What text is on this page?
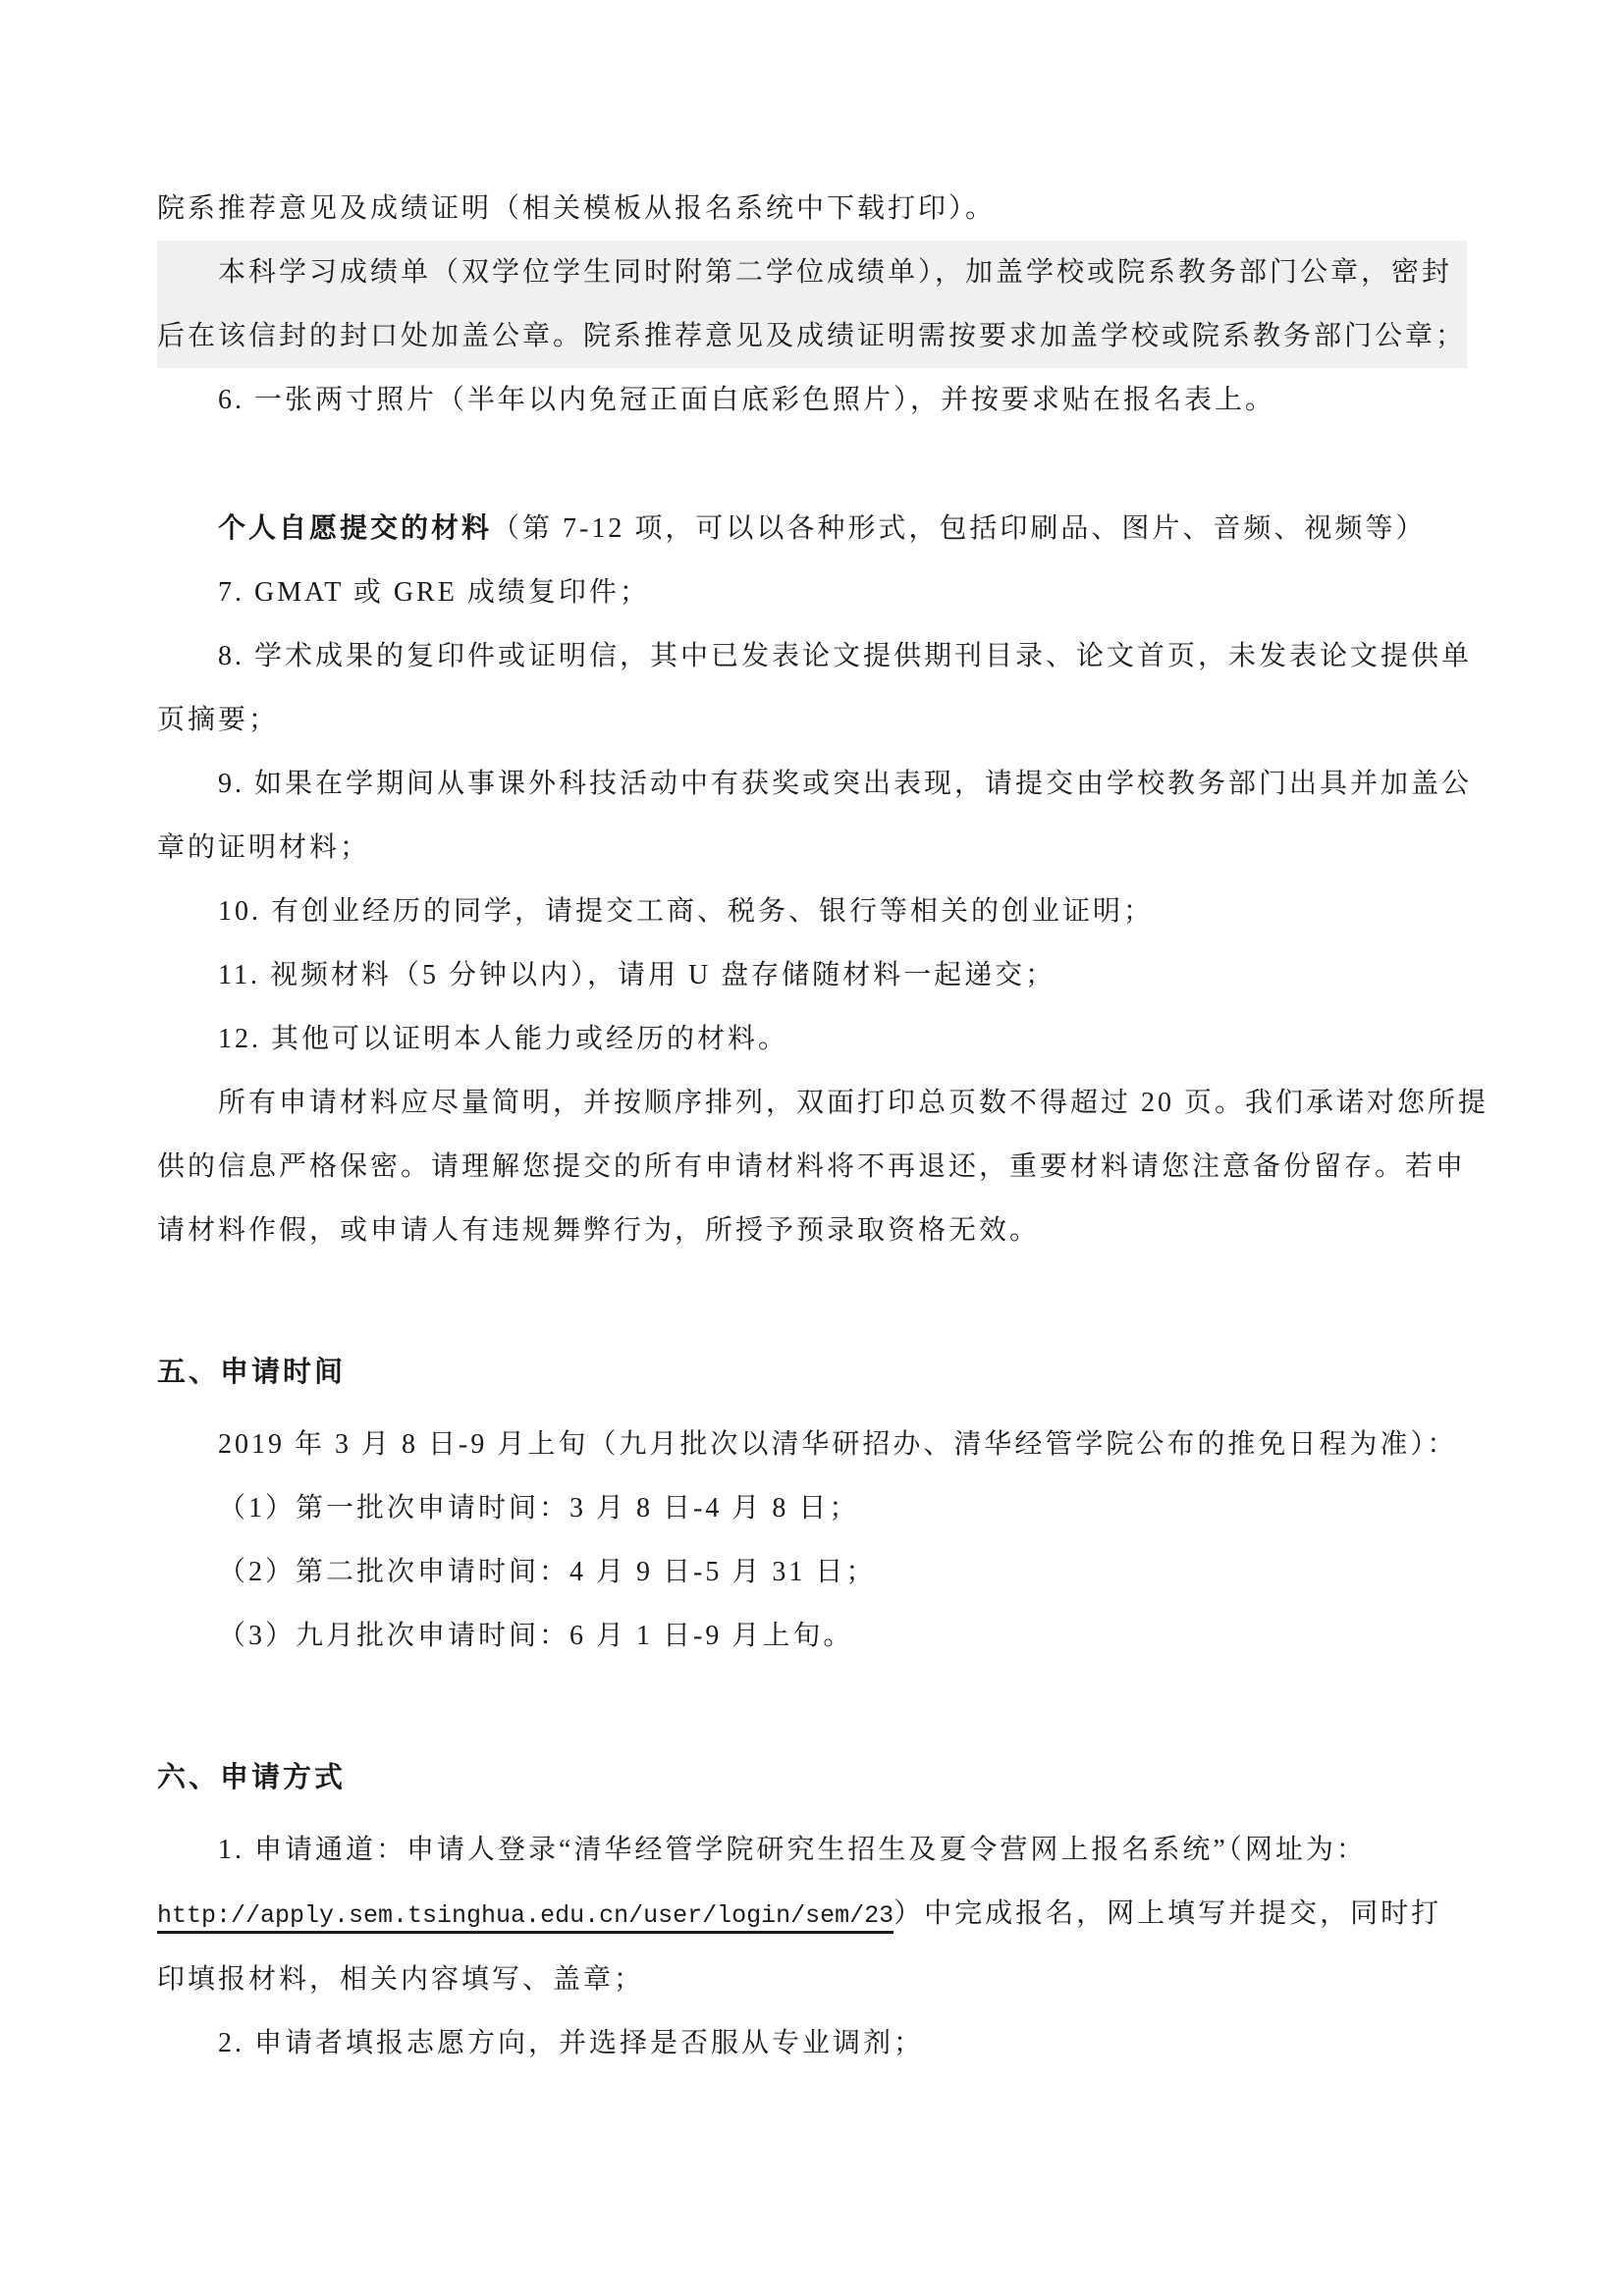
院系推荐意见及成绩证明（相关模板从报名系统中下载打印）。
本科学习成绩单（双学位学生同时附第二学位成绩单），加盖学校或院系教务部门公章，密封
后在该信封的封口处加盖公章。院系推荐意见及成绩证明需按要求加盖学校或院系教务部门公章；
6. 一张两寸照片（半年以内免冠正面白底彩色照片），并按要求贴在报名表上。
个人自愿提交的材料（第 7-12 项，可以以各种形式，包括印刷品、图片、音频、视频等）
7. GMAT 或 GRE 成绩复印件；
8. 学术成果的复印件或证明信，其中已发表论文提供期刊目录、论文首页，未发表论文提供单
页摘要；
9. 如果在学期间从事课外科技活动中有获奖或突出表现，请提交由学校教务部门出具并加盖公
章的证明材料；
10. 有创业经历的同学，请提交工商、税务、银行等相关的创业证明；
11. 视频材料（5 分钟以内），请用 U 盘存储随材料一起递交；
12. 其他可以证明本人能力或经历的材料。
所有申请材料应尽量简明，并按顺序排列，双面打印总页数不得超过 20 页。我们承诺对您所提
供的信息严格保密。请理解您提交的所有申请材料将不再退还，重要材料请您注意备份留存。若申
请材料作假，或申请人有违规舞弊行为，所授予预录取资格无效。
五、申请时间
2019 年 3 月 8 日-9 月上旬（九月批次以清华研招办、清华经管学院公布的推免日程为准）：
（1）第一批次申请时间：3 月 8 日-4 月 8 日；
（2）第二批次申请时间：4 月 9 日-5 月 31 日；
（3）九月批次申请时间：6 月 1 日-9 月上旬。
六、申请方式
1. 申请通道：申请人登录“清华经管学院研究生招生及夏令营网上报名系统”（网址为：
http://apply.sem.tsinghua.edu.cn/user/login/sem/23）中完成报名，网上填写并提交，同时打
印填报材料，相关内容填写、盖章；
2. 申请者填报志愿方向，并选择是否服从专业调剂；
